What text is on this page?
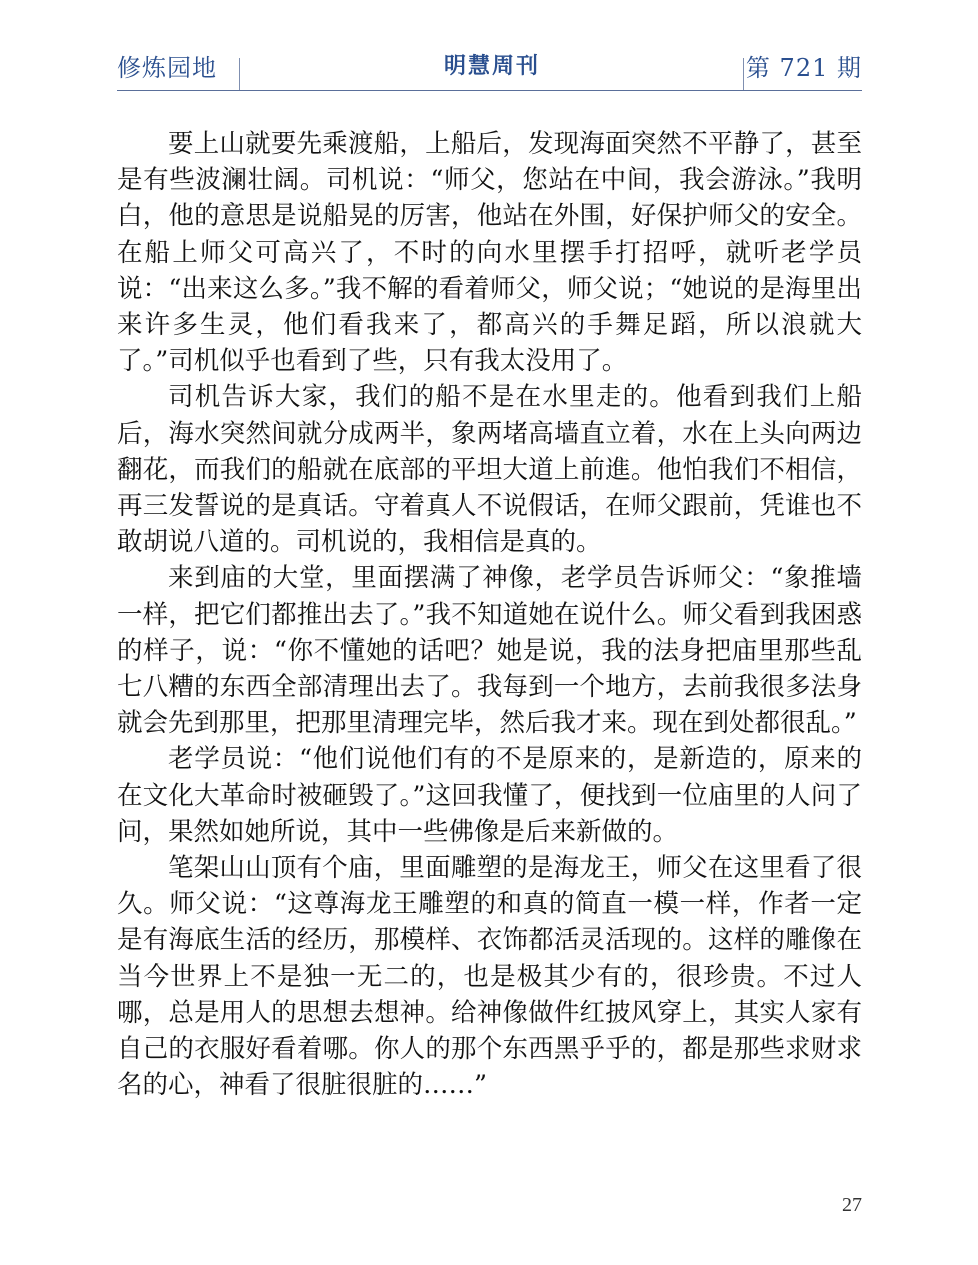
修炼园地	明慧周刊	第 721 期

要上山就要先乘渡船，上船后，发现海面突然不平静了，甚至是有些波澜壮阔。司机说：“师父，您站在中间，我会游泳。”我明白，他的意思是说船晃的厉害，他站在外围，好保护师父的安全。在船上师父可高兴了，不时的向水里摆手打招呼，就听老学员说：“出来这么多。”我不解的看着师父，师父说；“她说的是海里出来许多生灵，他们看我来了，都高兴的手舞足蹈，所以浪就大了。”司机似乎也看到了些，只有我太没用了。

司机告诉大家，我们的船不是在水里走的。他看到我们上船后，海水突然间就分成两半，象两堵高墙直立着，水在上头向两边翻花，而我们的船就在底部的平坦大道上前進。他怕我们不相信，再三发誓说的是真话。守着真人不说假话，在师父跟前，凭谁也不敢胡说八道的。司机说的，我相信是真的。

来到庙的大堂，里面摆满了神像，老学员告诉师父：“象推墙一样，把它们都推出去了。”我不知道她在说什么。师父看到我困惑的样子，说：“你不懂她的话吧？她是说，我的法身把庙里那些乱七八糟的东西全部清理出去了。我每到一个地方，去前我很多法身就会先到那里，把那里清理完毕，然后我才来。现在到处都很乱。”

老学员说：“他们说他们有的不是原来的，是新造的，原来的在文化大革命时被砸毁了。”这回我懂了，便找到一位庙里的人问了问，果然如她所说，其中一些佛像是后来新做的。

笔架山山顶有个庙，里面雕塑的是海龙王，师父在这里看了很久。师父说：“这尊海龙王雕塑的和真的简直一模一样，作者一定是有海底生活的经历，那模样、衣饰都活灵活现的。这样的雕像在当今世界上不是独一无二的，也是极其少有的，很珍贵。不过人哪，总是用人的思想去想神。给神像做件红披风穿上，其实人家有自己的衣服好看着哪。你人的那个东西黑乎乎的，都是那些求财求名的心，神看了很脏很脏的……”

27
